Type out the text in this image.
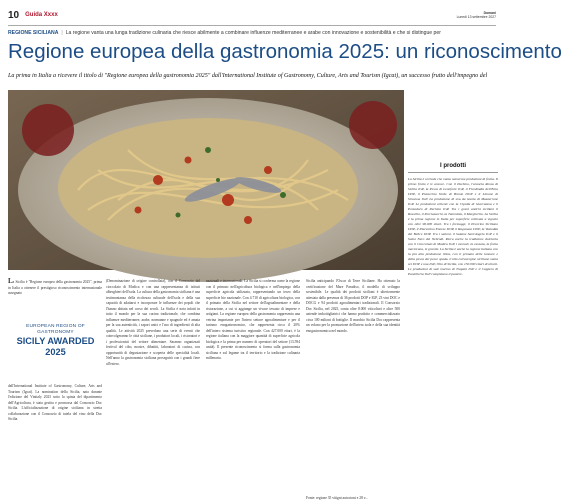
10 Guida Xxxx	Domani
Lunedi 13 settembre 2027
REGIONE SICILIANA | La regione vanta una lunga tradizione culinaria che riesce abilmente a combinare influenze mediterranee e arabe con innovazione e sostenibilità e che si distingue per
Regione europea della gastronomia 2025: un riconoscimento
La prima in Italia a ricevere il titolo di "Regione europea della gastronomia 2025" dall'International Institute of Gastronomy, Culture, Arts and Tourism (Igcat), un successo frutto dell'impegno del

La Sicilia è "Regione europea della gastronomia 2025", prima in Italia a ottenere il prestigioso riconoscimento internazionale assegnato

EUROPEAN REGION OF GASTRONOMY
SICILY AWARDED 2025

dall'International Institute of Gastronomy, Culture, Arts and Tourism (Igcat). La nomination della Sicilia, nata durante l'edizione del Vinitaly 2023 sotto la spinta del dipartimento dell'Agricoltura, è stata gestita e promossa dal Consorzio Doc Sicilia. L'ufficializzazione di origine siciliana in stretta collaborazione con il Consorzio di tutela del vino della Doc Sicilia.

(Denominazione di origine controllata), con il Consorzio del cioccolato di Modica e con una rappresentanza di istituti alberghieri dell'isola. La cultura della gastronomia siciliana è una testimonianza della ricchezza culturale dell'isola e della sua capacità di adattarsi e incorporare le influenze dei popoli che l'hanno abitata nel corso dei secoli. La Sicilia è nota infatti in tutto il mondo per la sua cucina tradizionale, che combina influenze mediterranee, arabe, normanne e spagnole ed è amata per la sua autenticità, i sapori unici e l'uso di ingredienti di alta qualità. Le attività 2025 prevedono una serie di eventi che coinvolgeranno le città siciliane, i produttori locali, i ristoratori e i professionisti del settore alimentare. Saranno organizzati festival del cibo, mostre, dibattiti, laboratori di cucina, con opportunità di degustazione e scoperta delle specialità locali. Nell'anno la gastronomia siciliana proseguirà con i grandi fiere all'estero.

nazionali e internazionali. La Sicilia si conferma come la regione con il primato nell'agricoltura biologica e nell'impiego della superficie agricola utilizzata, rappresentando un terzo della superficie bio nazionale. Con 4.710 di agricoltura biologica, con il primato della Sicilia nel settore dell'agroalimentare e della ristorazione, a cui si aggiunge un vivace tessuto di imprese e artigiani. La regione europea della gastronomia rappresenta una vetrina importante per l'intero settore agroalimentare e per il turismo enogastronomico, che rappresenta circa il 20% dell'intero sistema turistico regionale. Con 427.000 ettari, è la regione italiana con la maggiore quantità di superficie agricola biologica e la prima per numero di operatori del settore (13.594 unità). Il presente riconoscimento si forma sulla gastronomia siciliana e sul legame tra il territorio e la tradizione culinaria millenaria.

Sicilia anticipando l'Oscar di Terre Siciliane. Ha ottenuto la certificazione del Mare Paradiso, il modello di sviluppo sostenibile. Le qualità dei prodotti siciliani è ulteriormente attestata dalla presenza di 36 prodotti DOP e IGP, 23 vini DOC e DOCG e 94 prodotti agroalimentari tradizionali. Il Consorzio Doc Sicilia, nel 2025, conta oltre 8.000 viticoltori e oltre 500 aziende imbottigliatrici che hanno prodotto e commercializzato circa 100 milioni di bottiglie. Il marchio Sicilia Doc rappresenta un volano per la promozione dell'intera isola e della sua identità enogastronomica nel mondo.

I prodotti

La Sicilia è un'isola che vanta numerose produzioni di frutta. Il primo frutto è le arance. Con il Pachino, l'arancia Rossa di Sicilia IGP, la Pesca di Leonforte IGP, il Ficodindia dell'Etna DOP, il Pistacchio Verde di Bronte DOP e il Limone di Siracusa IGP. La produzione di uva da tavola di Mazzarrone IGP. Le produzioni orticole con la Cipolla di Giarratana e il Pomodoro di Pachino IGP. Tra i grani antichi siciliani il Russello, il Perciasacchi, la Tumminia, il Margherito. La Sicilia è la prima regione in Italia per superficie coltivata a vigneto con oltre 98.000 ettari. Tra i formaggi, il Pecorino Siciliano DOP, il Piacentinu Ennese DOP, il Ragusano DOP, la Vastedda del Belice DOP. Tra i salumi, il Salame Sant'Angelo IGP e il Suino Nero dei Nebrodi. Ricca anche la tradizione dolciaria con il Cioccolato di Modica IGP, i cannoli, la cassata, la frutta martorana, le granite. La Sicilia è anche la regione italiana con la più alta produzione ittica, con il primato delle tonnare e della pesca del pesce spada. L'olio extravergine siciliano vanta sei DOP e una IGP, Olio di Sicilia, con 150.000 ettari di uliveti. Le produzioni di sale marino di Trapani IGP e il Cappero di Pantelleria IGP completano il paniere.

Fonte: regione 35 vitigni autoctoni e 28 v...
